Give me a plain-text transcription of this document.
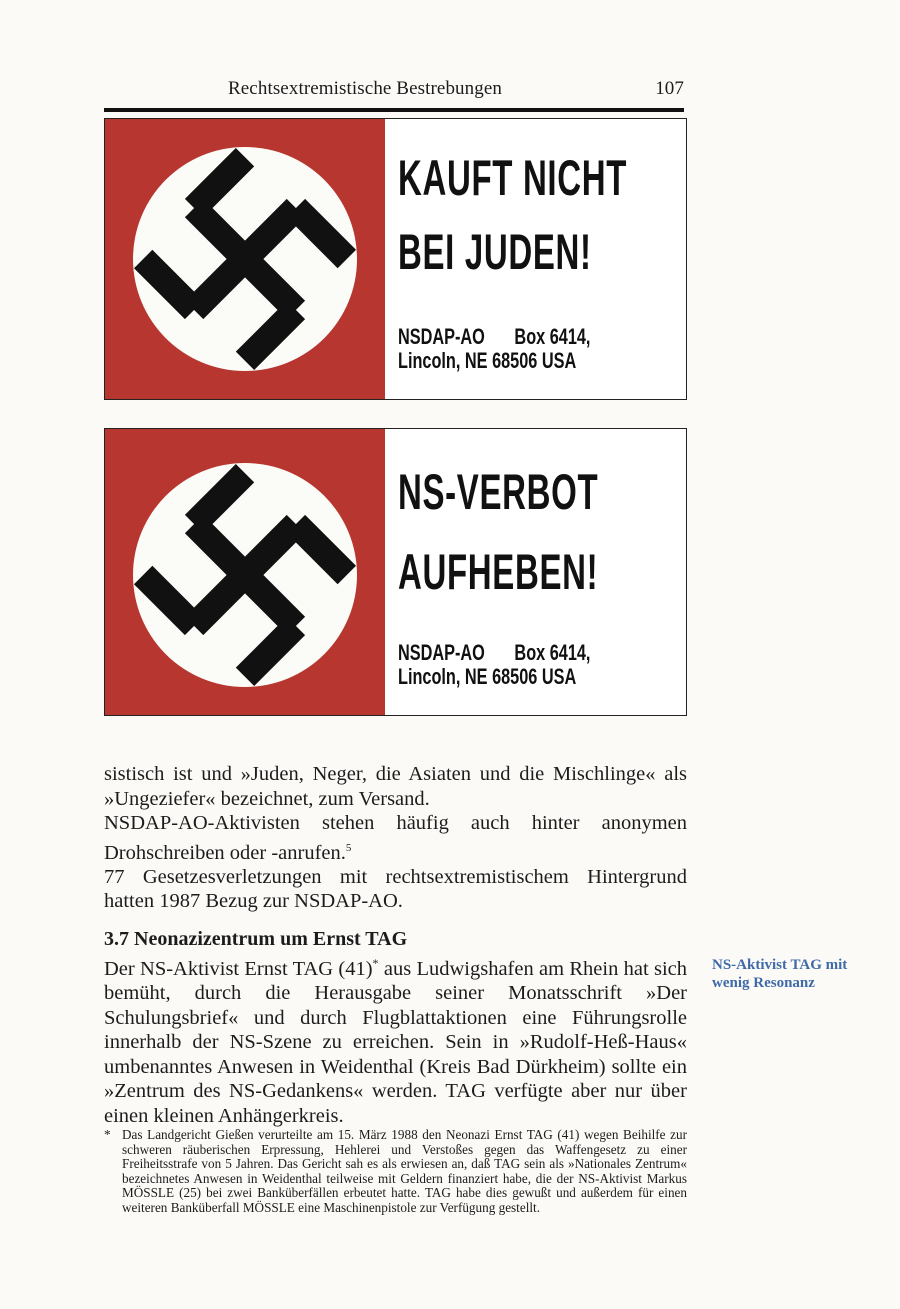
Rechtsextremistische Bestrebungen	107
KAUFT NICHT
BEI JUDEN!
NSDAP-AO Box 6414,
Lincoln, NE 68506 USA
NS-VERBOT
AUFHEBEN!
NSDAP-AO Box 6414,
Lincoln, NE 68506 USA

sistisch ist und »Juden, Neger, die Asiaten und die Mischlinge« als »Ungeziefer« bezeichnet, zum Versand.

NSDAP-AO-Aktivisten stehen häufig auch hinter anonymen Drohschreiben oder -anrufen.$^5$

77 Gesetzesverletzungen mit rechtsextremistischem Hintergrund hatten 1987 Bezug zur NSDAP-AO.

3.7 Neonazizentrum um Ernst TAG
NS-Aktivist TAG mit wenig Resonanz

Der NS-Aktivist Ernst TAG (41)* aus Ludwigshafen am Rhein hat sich bemüht, durch die Herausgabe seiner Monatsschrift »Der Schulungsbrief« und durch Flugblattaktionen eine Führungsrolle innerhalb der NS-Szene zu erreichen. Sein in »Rudolf-Heß-Haus« umbenanntes Anwesen in Weidenthal (Kreis Bad Dürkheim) sollte ein »Zentrum des NS-Gedankens« werden. TAG verfügte aber nur über einen kleinen Anhängerkreis.

* Das Landgericht Gießen verurteilte am 15. März 1988 den Neonazi Ernst TAG (41) wegen Beihilfe zur schweren räuberischen Erpressung, Hehlerei und Verstoßes gegen das Waffengesetz zu einer Freiheitsstrafe von 5 Jahren. Das Gericht sah es als erwiesen an, daß TAG sein als »Nationales Zentrum« bezeichnetes Anwesen in Weidenthal teilweise mit Geldern finanziert habe, die der NS-Aktivist Markus MÖSSLE (25) bei zwei Banküberfällen erbeutet hatte. TAG habe dies gewußt und außerdem für einen weiteren Banküberfall MÖSSLE eine Maschinenpistole zur Verfügung gestellt.
